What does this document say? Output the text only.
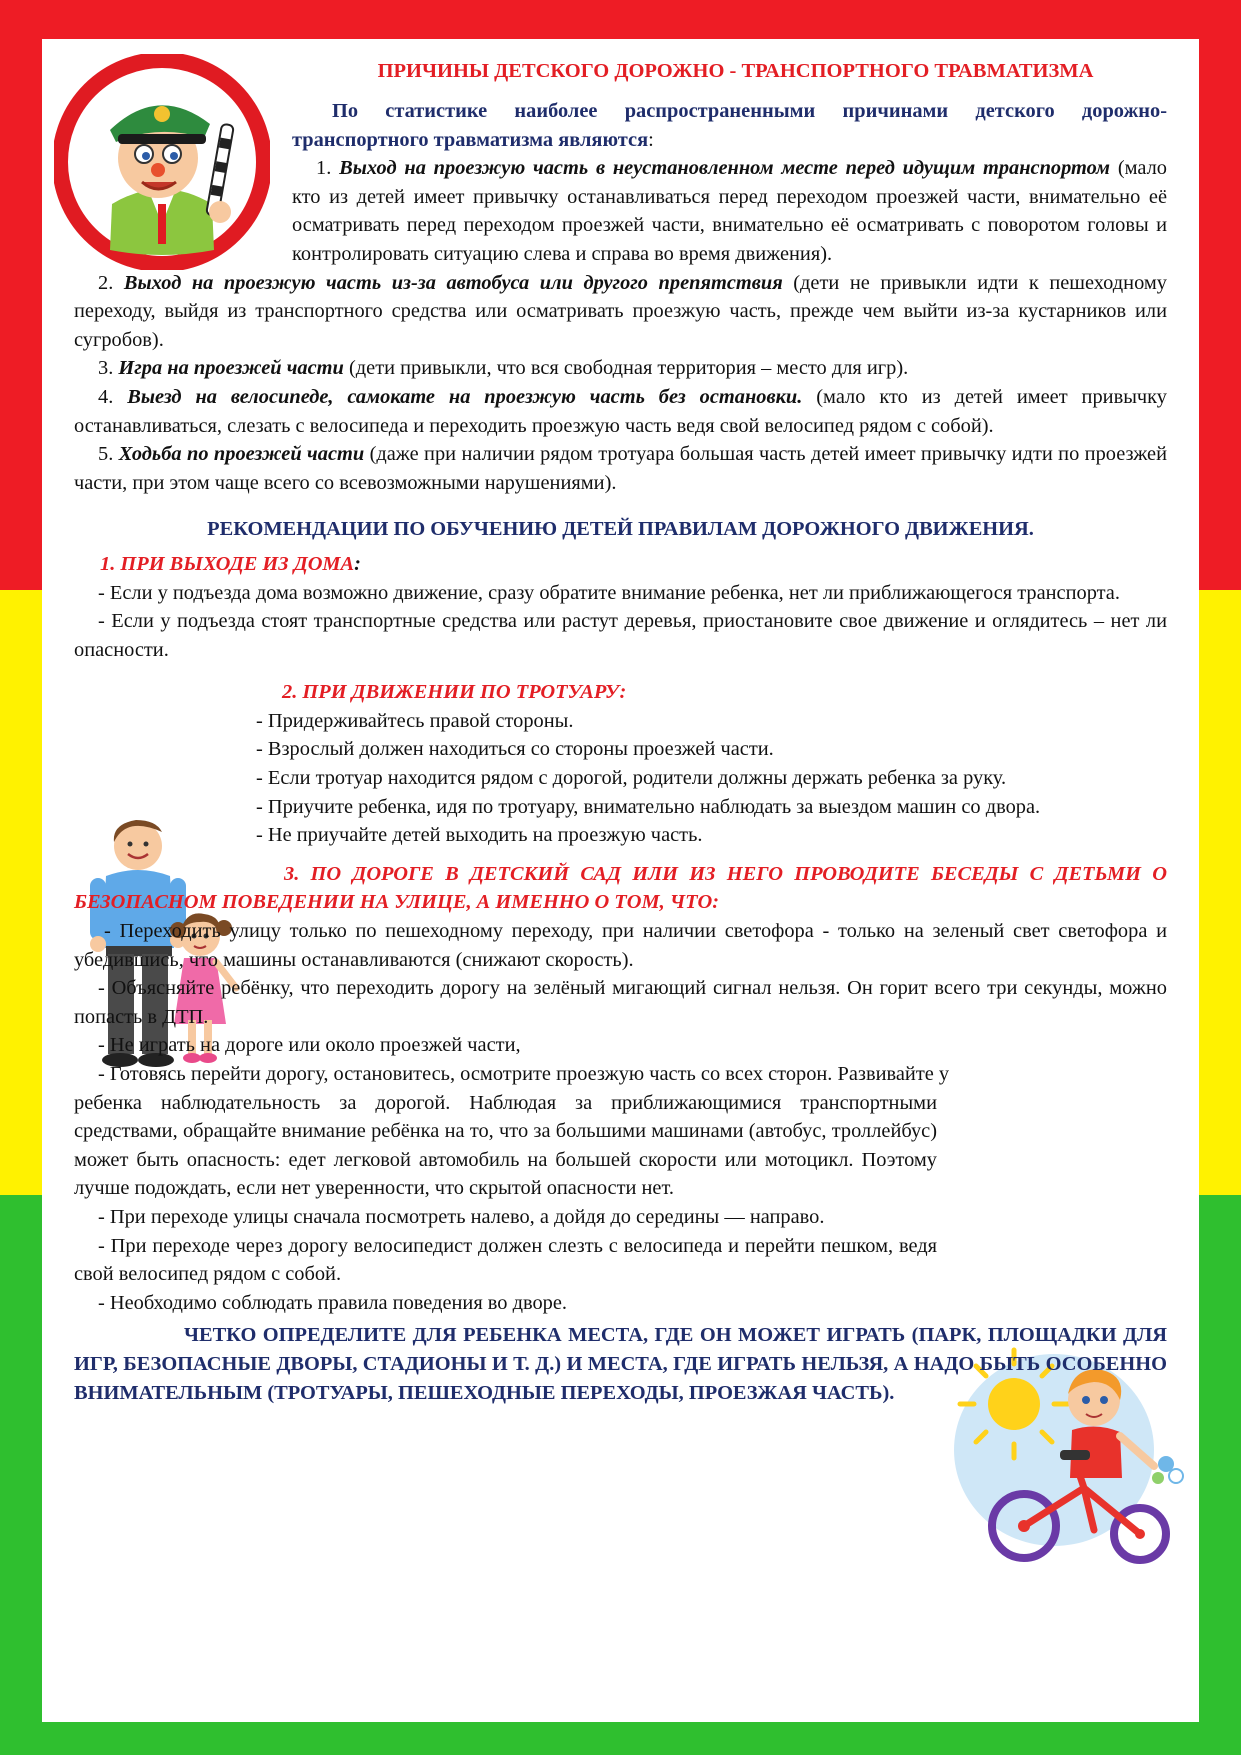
ПРИЧИНЫ ДЕТСКОГО ДОРОЖНО - ТРАНСПОРТНОГО ТРАВМАТИЗМА

По статистике наиболее распространенными причинами детского дорожно-транспортного травматизма являются:

1. Выход на проезжую часть в неустановленном месте перед идущим транспортом (мало кто из детей имеет привычку останавливаться перед переходом проезжей части, внимательно её осматривать перед переходом проезжей части, внимательно её осматривать с поворотом головы и контролировать ситуацию слева и справа во время движения).

2. Выход на проезжую часть из-за автобуса или другого препятствия (дети не привыкли идти к пешеходному переходу, выйдя из транспортного средства или осматривать проезжую часть, прежде чем выйти из-за кустарников или сугробов).

3. Игра на проезжей части (дети привыкли, что вся свободная территория – место для игр).

4. Выезд на велосипеде, самокате на проезжую часть без остановки. (мало кто из детей имеет привычку останавливаться, слезать с велосипеда и переходить проезжую часть ведя свой велосипед рядом с собой).

5. Ходьба по проезжей части (даже при наличии рядом тротуара большая часть детей имеет привычку идти по проезжей части, при этом чаще всего со всевозможными нарушениями).

РЕКОМЕНДАЦИИ ПО ОБУЧЕНИЮ ДЕТЕЙ ПРАВИЛАМ ДОРОЖНОГО ДВИЖЕНИЯ.

1. ПРИ ВЫХОДЕ ИЗ ДОМА:

- Если у подъезда дома возможно движение, сразу обратите внимание ребенка, нет ли приближающегося транспорта.

- Если у подъезда стоят транспортные средства или растут деревья, приостановите свое движение и оглядитесь – нет ли опасности.

2. ПРИ ДВИЖЕНИИ ПО ТРОТУАРУ:

- Придерживайтесь правой стороны.

- Взрослый должен находиться со стороны проезжей части.

- Если тротуар находится рядом с дорогой, родители должны держать ребенка за руку.

- Приучите ребенка, идя по тротуару, внимательно наблюдать за выездом машин со двора.

- Не приучайте детей выходить на проезжую часть.

3. ПО ДОРОГЕ В ДЕТСКИЙ САД ИЛИ ИЗ НЕГО ПРОВОДИТЕ БЕСЕДЫ С ДЕТЬМИ О БЕЗОПАСНОМ ПОВЕДЕНИИ НА УЛИЦЕ, А ИМЕННО О ТОМ, ЧТО:

- Переходить улицу только по пешеходному переходу, при наличии светофора - только на зеленый свет светофора и убедившись, что машины останавливаются (снижают скорость).

- Объясняйте ребёнку, что переходить дорогу на зелёный мигающий сигнал нельзя. Он горит всего три секунды, можно попасть в ДТП.

- Не играть на дороге или около проезжей части,

- Готовясь перейти дорогу, остановитесь, осмотрите проезжую часть со всех сторон. Развивайте у

ребенка наблюдательность за дорогой. Наблюдая за приближающимися транспортными средствами, обращайте внимание ребёнка на то, что за большими машинами (автобус, троллейбус) может быть опасность: едет легковой автомобиль на большей скорости или мотоцикл. Поэтому лучше подождать, если нет уверенности, что скрытой опасности нет.

- При переходе улицы сначала посмотреть налево, а дойдя до середины — направо.

- При переходе через дорогу велосипедист должен слезть с велосипеда и перейти пешком, ведя свой велосипед рядом с собой.

- Необходимо соблюдать правила поведения во дворе.

ЧЕТКО ОПРЕДЕЛИТЕ ДЛЯ РЕБЕНКА МЕСТА, ГДЕ ОН МОЖЕТ ИГРАТЬ (ПАРК, ПЛОЩАДКИ ДЛЯ ИГР, БЕЗОПАСНЫЕ ДВОРЫ, СТАДИОНЫ И Т. Д.) И МЕСТА, ГДЕ ИГРАТЬ НЕЛЬЗЯ, А НАДО БЫТЬ ОСОБЕННО ВНИМАТЕЛЬНЫМ (ТРОТУАРЫ, ПЕШЕХОДНЫЕ ПЕРЕХОДЫ, ПРОЕЗЖАЯ ЧАСТЬ).
